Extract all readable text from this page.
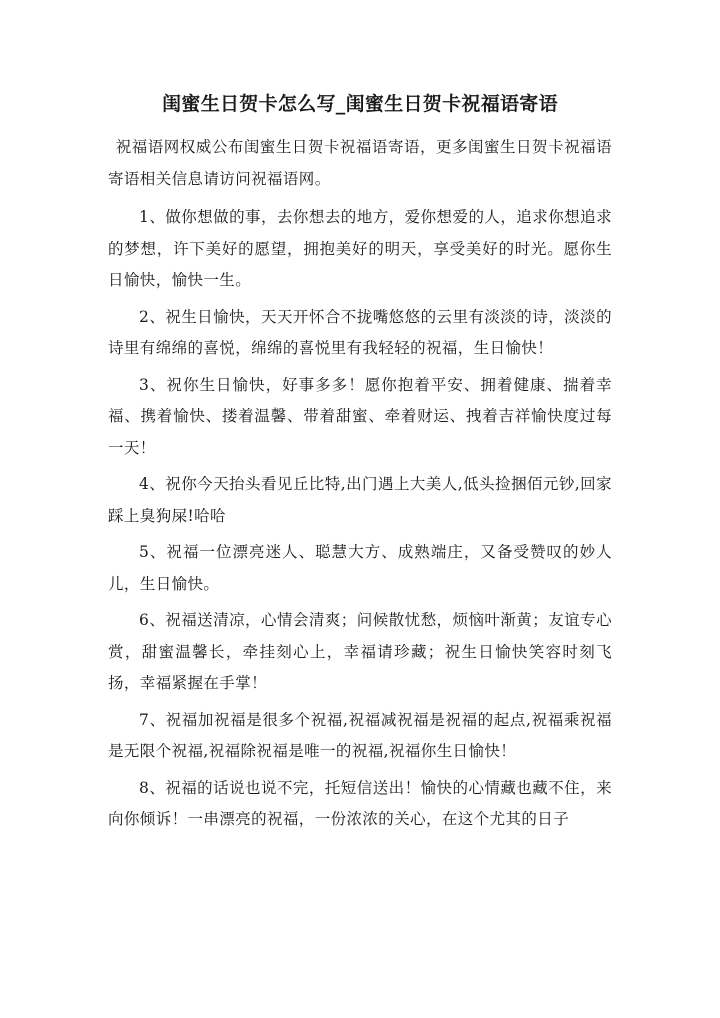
闺蜜生日贺卡怎么写_闺蜜生日贺卡祝福语寄语

祝福语网权威公布闺蜜生日贺卡祝福语寄语，更多闺蜜生日贺卡祝福语寄语相关信息请访问祝福语网。

1、做你想做的事，去你想去的地方，爱你想爱的人，追求你想追求的梦想，许下美好的愿望，拥抱美好的明天，享受美好的时光。愿你生日愉快，愉快一生。

2、祝生日愉快，天天开怀合不拢嘴悠悠的云里有淡淡的诗，淡淡的诗里有绵绵的喜悦，绵绵的喜悦里有我轻轻的祝福，生日愉快！

3、祝你生日愉快，好事多多！愿你抱着平安、拥着健康、揣着幸福、携着愉快、搂着温馨、带着甜蜜、牵着财运、拽着吉祥愉快度过每一天！

4、祝你今天抬头看见丘比特,出门遇上大美人,低头捡捆佰元钞,回家踩上臭狗屎!哈哈

5、祝福一位漂亮迷人、聪慧大方、成熟端庄，又备受赞叹的妙人儿，生日愉快。

6、祝福送清凉，心情会清爽；问候散忧愁，烦恼叶渐黄；友谊专心赏，甜蜜温馨长，牵挂刻心上，幸福请珍藏；祝生日愉快笑容时刻飞扬，幸福紧握在手掌！

7、祝福加祝福是很多个祝福,祝福减祝福是祝福的起点,祝福乘祝福是无限个祝福,祝福除祝福是唯一的祝福,祝福你生日愉快！

8、祝福的话说也说不完，托短信送出！愉快的心情藏也藏不住，来向你倾诉！一串漂亮的祝福，一份浓浓的关心，在这个尤其的日子
